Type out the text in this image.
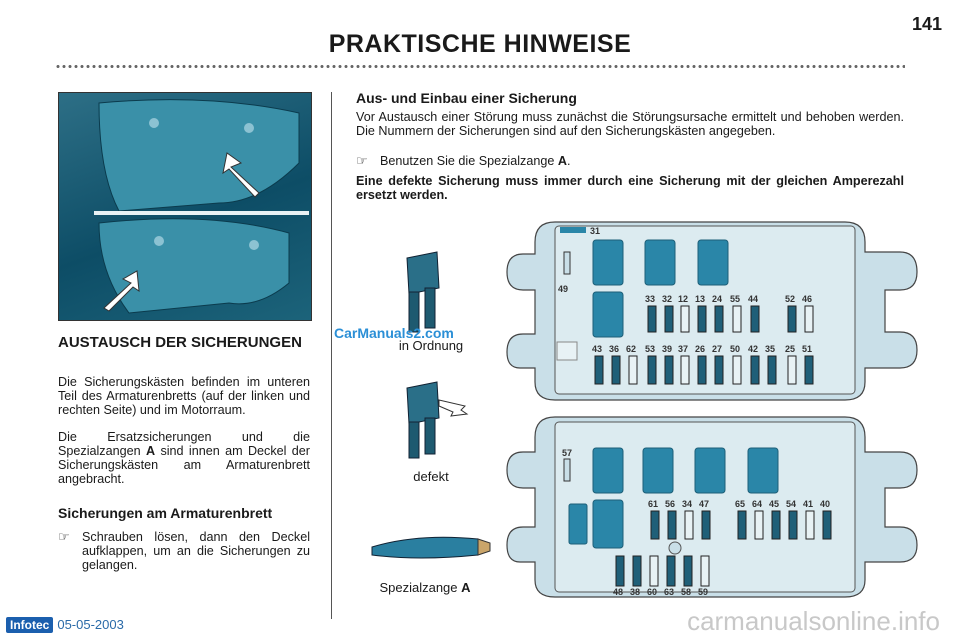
141
PRAKTISCHE HINWEISE
AUSTAUSCH DER SICHERUNGEN
Die Sicherungskästen befinden im unteren Teil des Armaturenbretts (auf der linken und rechten Seite) und im Motorraum.
Die Ersatzsicherungen und die Spezialzangen A sind innen am Deckel der Sicherungskästen am Armaturenbrett angebracht.
Sicherungen am Armaturenbrett
☞ Schrauben lösen, dann den Deckel aufklappen, um an die Sicherungen zu gelangen.
Aus- und Einbau einer Sicherung
Vor Austausch einer Störung muss zunächst die Störungsursache ermittelt und behoben werden. Die Nummern der Sicherungen sind auf den Sicherungskästen angegeben.
☞ Benutzen Sie die Spezialzange A.
Eine defekte Sicherung muss immer durch eine Sicherung mit der gleichen Amperezahl ersetzt werden.
CarManuals2.com
in Ordnung
defekt
Spezialzange A
31
49
33 32 12 13 24 55 44	52 46
43 36 62 53 39 37 26 27 50 42 35 25 51
57
61 56 34 47	65 64 45 54 41 40
48 38 60 63 58 59
Infotec 05-05-2003	carmanualsonline.info
